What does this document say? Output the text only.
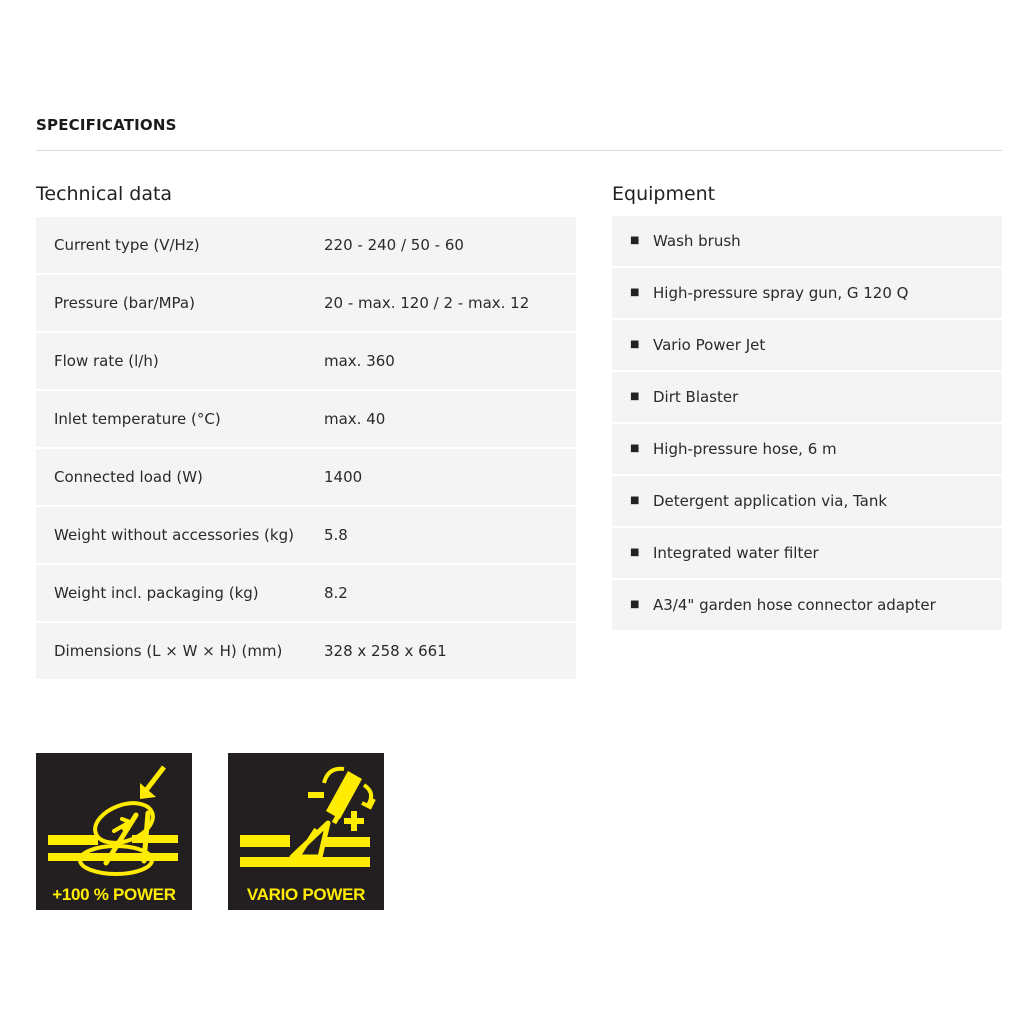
SPECIFICATIONS
Technical data	Equipment
Current type (V/Hz)	220 - 240 / 50 - 60
Pressure (bar/MPa)	20 - max. 120 / 2 - max. 12
Flow rate (l/h)	max. 360
Inlet temperature (°C)	max. 40
Connected load (W)	1400
Weight without accessories (kg)	5.8
Weight incl. packaging (kg)	8.2
Dimensions (L × W × H) (mm)	328 x 258 x 661
■ Wash brush
■ High-pressure spray gun, G 120 Q
■ Vario Power Jet
■ Dirt Blaster
■ High-pressure hose, 6 m
■ Detergent application via, Tank
■ Integrated water filter
■ A3/4" garden hose connector adapter
+100 % POWER	VARIO POWER
